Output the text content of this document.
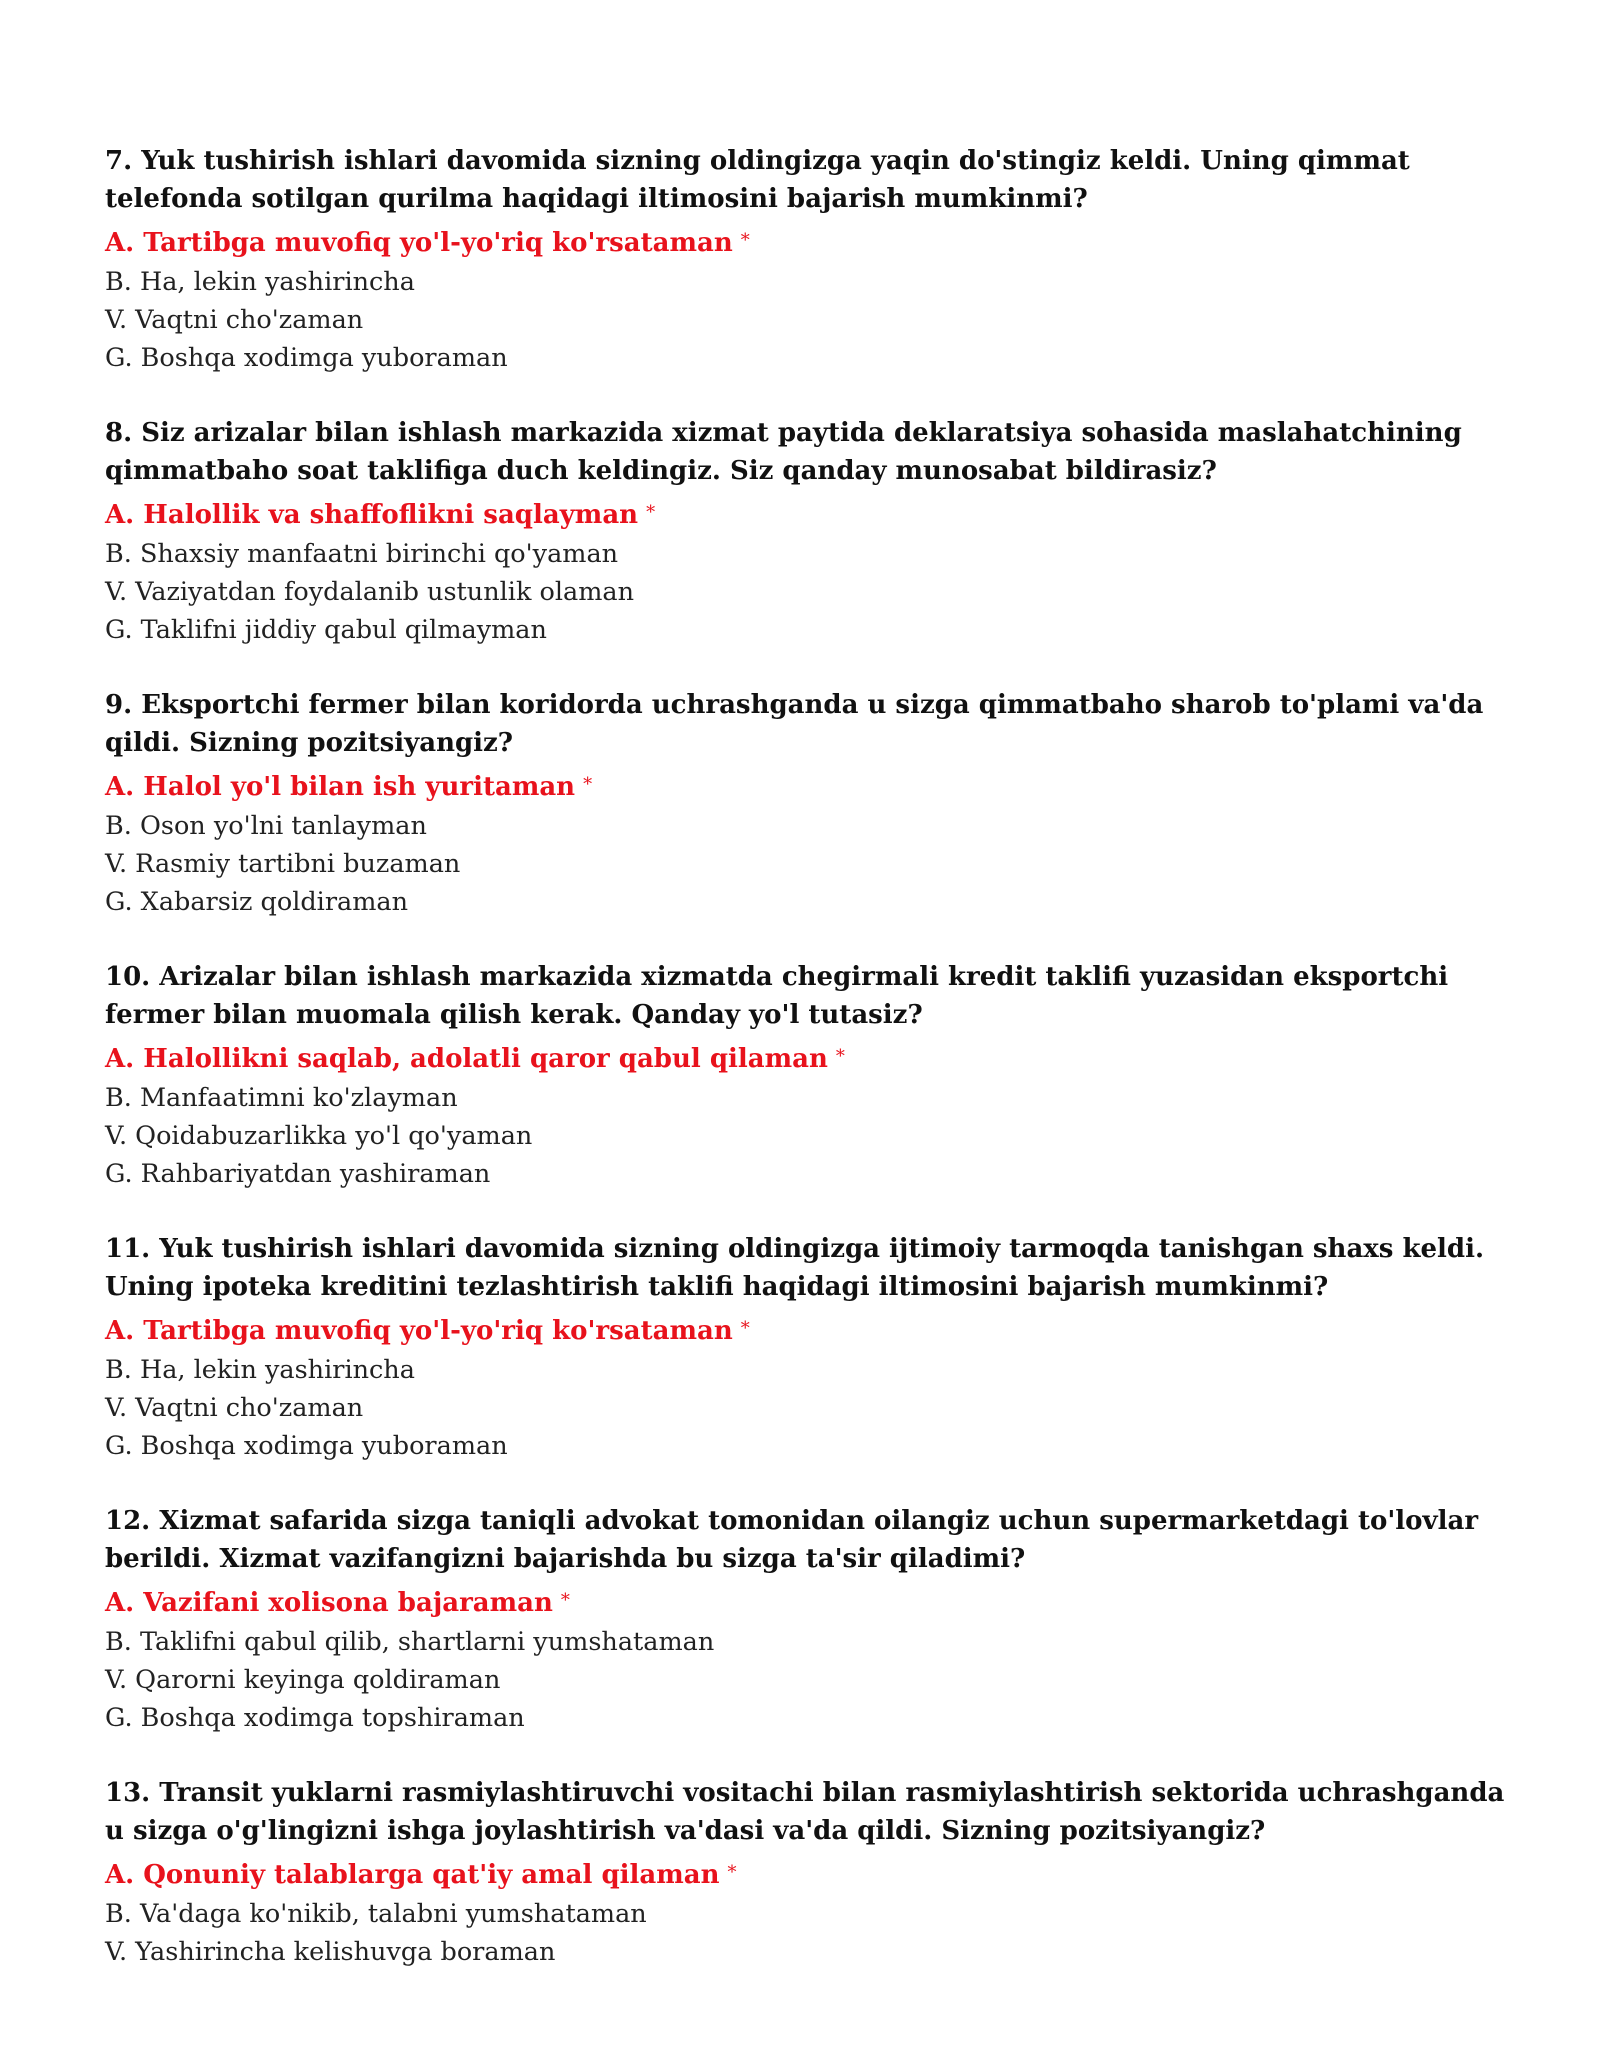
7. Yuk tushirish ishlari davomida sizning oldingizga yaqin do'stingiz keldi. Uning qimmat telefonda sotilgan qurilma haqidagi iltimosini bajarish mumkinmi?
A. Tartibga muvofiq yo'l-yo'riq ko'rsataman *
B. Ha, lekin yashirincha
V. Vaqtni cho'zaman
G. Boshqa xodimga yuboraman
8. Siz arizalar bilan ishlash markazida xizmat paytida deklaratsiya sohasida maslahatchining qimmatbaho soat taklifiga duch keldingiz. Siz qanday munosabat bildirasiz?
A. Halollik va shaffoflikni saqlayman *
B. Shaxsiy manfaatni birinchi qo'yaman
V. Vaziyatdan foydalanib ustunlik olaman
G. Taklifni jiddiy qabul qilmayman
9. Eksportchi fermer bilan koridorda uchrashganda u sizga qimmatbaho sharob to'plami va'da qildi. Sizning pozitsiyangiz?
A. Halol yo'l bilan ish yuritaman *
B. Oson yo'lni tanlayman
V. Rasmiy tartibni buzaman
G. Xabarsiz qoldiraman
10. Arizalar bilan ishlash markazida xizmatda chegirmali kredit taklifi yuzasidan eksportchi fermer bilan muomala qilish kerak. Qanday yo'l tutasiz?
A. Halollikni saqlab, adolatli qaror qabul qilaman *
B. Manfaatimni ko'zlayman
V. Qoidabuzarlikka yo'l qo'yaman
G. Rahbariyatdan yashiraman
11. Yuk tushirish ishlari davomida sizning oldingizga ijtimoiy tarmoqda tanishgan shaxs keldi. Uning ipoteka kreditini tezlashtirish taklifi haqidagi iltimosini bajarish mumkinmi?
A. Tartibga muvofiq yo'l-yo'riq ko'rsataman *
B. Ha, lekin yashirincha
V. Vaqtni cho'zaman
G. Boshqa xodimga yuboraman
12. Xizmat safarida sizga taniqli advokat tomonidan oilangiz uchun supermarketdagi to'lovlar berildi. Xizmat vazifangizni bajarishda bu sizga ta'sir qiladimi?
A. Vazifani xolisona bajaraman *
B. Taklifni qabul qilib, shartlarni yumshataman
V. Qarorni keyinga qoldiraman
G. Boshqa xodimga topshiraman
13. Transit yuklarni rasmiylashtiruvchi vositachi bilan rasmiylashtirish sektorida uchrashganda u sizga o'g'lingizni ishga joylashtirish va'dasi va'da qildi. Sizning pozitsiyangiz?
A. Qonuniy talablarga qat'iy amal qilaman *
B. Va'daga ko'nikib, talabni yumshataman
V. Yashirincha kelishuvga boraman
